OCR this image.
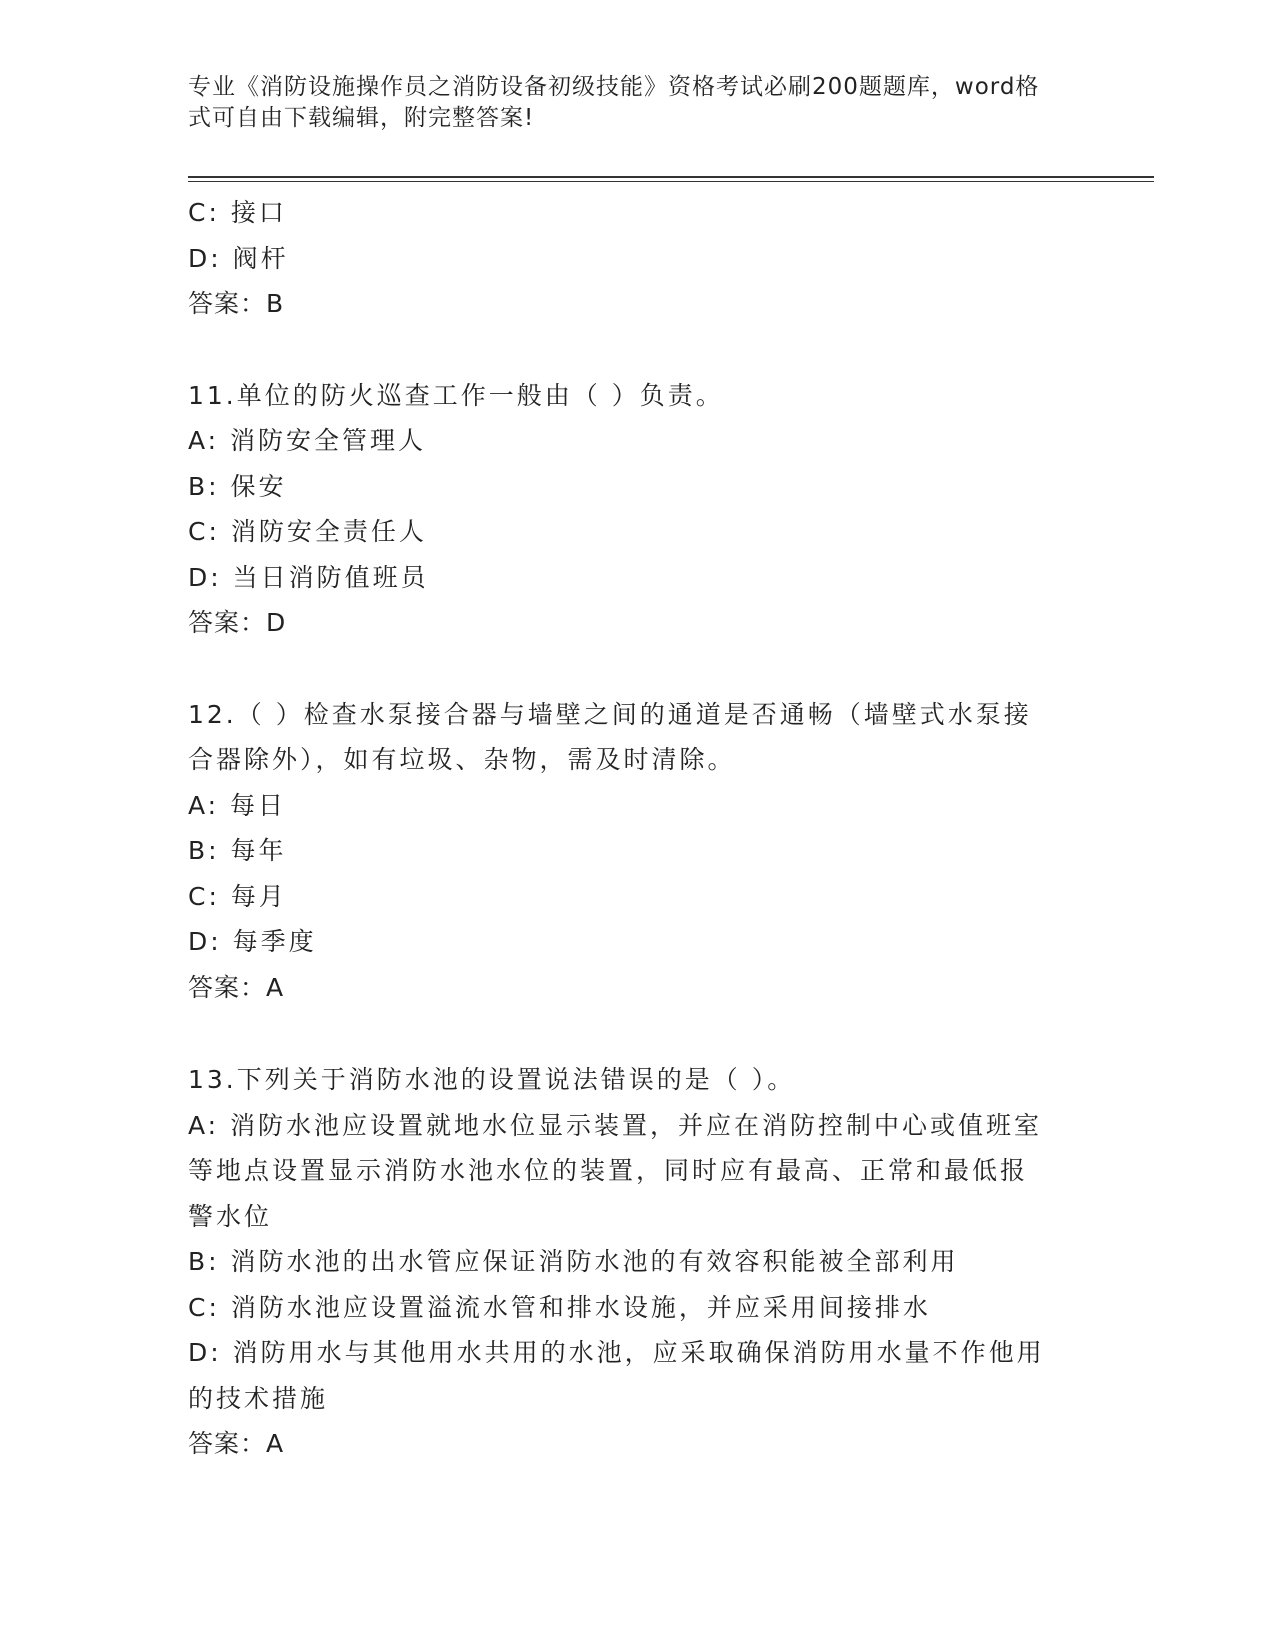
专业《消防设施操作员之消防设备初级技能》资格考试必刷200题题库，word格
式可自由下载编辑，附完整答案!
C: 接口
D: 阀杆
答案：B
11.单位的防火巡查工作一般由（ ）负责。
A: 消防安全管理人
B: 保安
C: 消防安全责任人
D: 当日消防值班员
答案：D
12.（ ）检查水泵接合器与墙壁之间的通道是否通畅（墙壁式水泵接
合器除外），如有垃圾、杂物，需及时清除。
A: 每日
B: 每年
C: 每月
D: 每季度
答案：A
13.下列关于消防水池的设置说法错误的是（ ）。
A: 消防水池应设置就地水位显示装置，并应在消防控制中心或值班室
等地点设置显示消防水池水位的装置，同时应有最高、正常和最低报
警水位
B: 消防水池的出水管应保证消防水池的有效容积能被全部利用
C: 消防水池应设置溢流水管和排水设施，并应采用间接排水
D: 消防用水与其他用水共用的水池，应采取确保消防用水量不作他用
的技术措施
答案：A
